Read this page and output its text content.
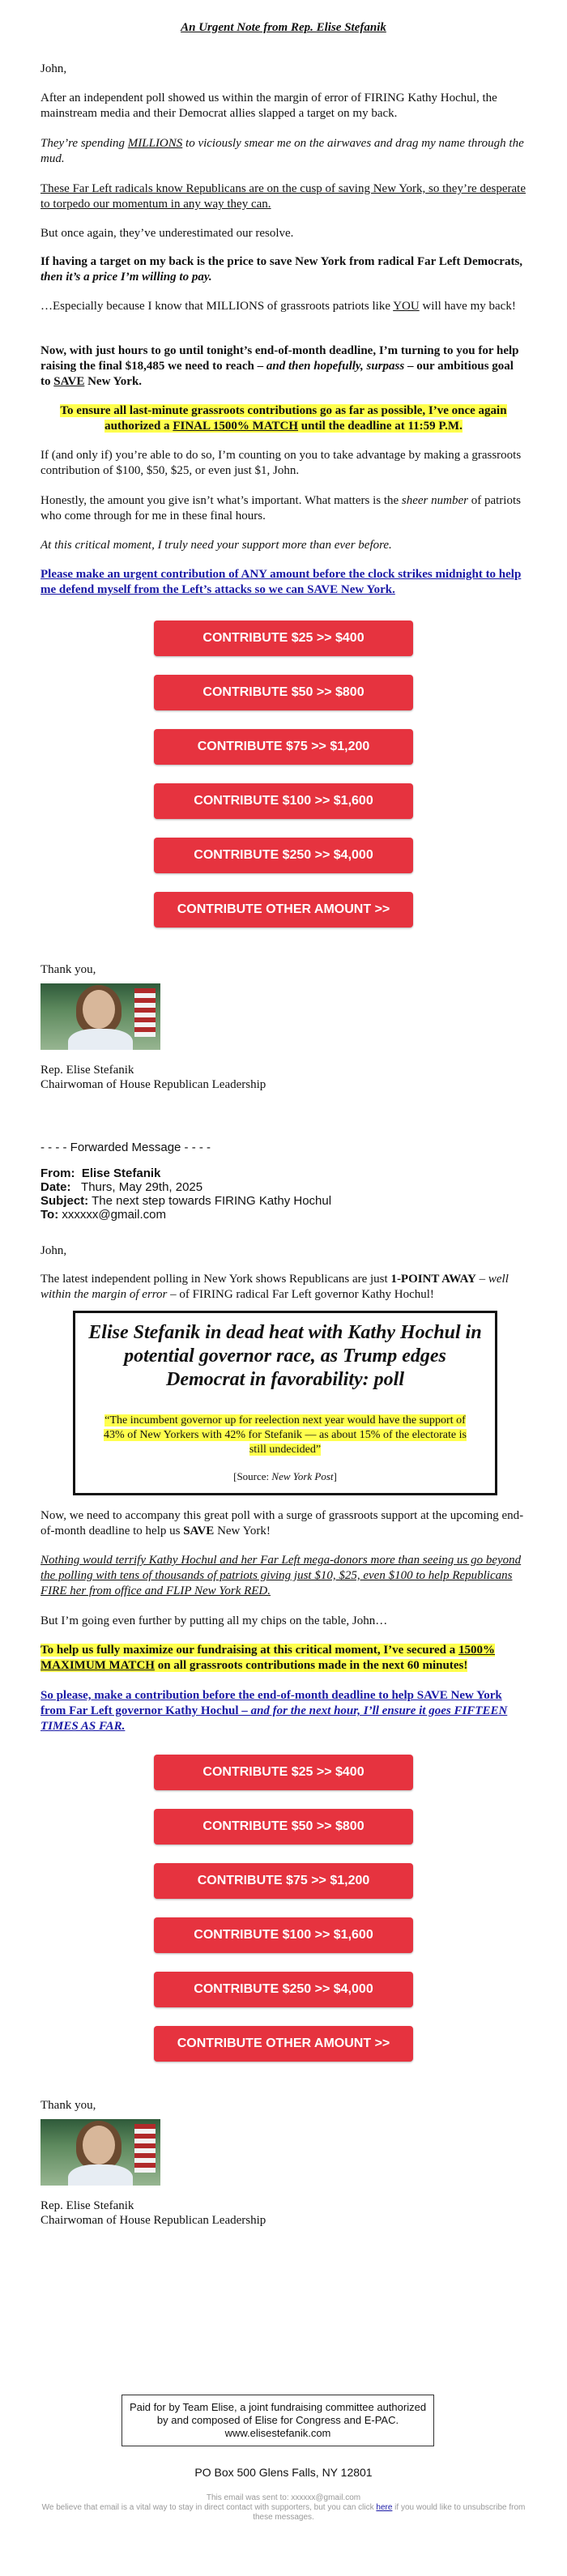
An Urgent Note from Rep. Elise Stefanik

John,

After an independent poll showed us within the margin of error of FIRING Kathy Hochul, the mainstream media and their Democrat allies slapped a target on my back.

They’re spending MILLIONS to viciously smear me on the airwaves and drag my name through the mud.

These Far Left radicals know Republicans are on the cusp of saving New York, so they’re desperate to torpedo our momentum in any way they can.

But once again, they’ve underestimated our resolve.

If having a target on my back is the price to save New York from radical Far Left Democrats, then it’s a price I’m willing to pay.

…Especially because I know that MILLIONS of grassroots patriots like YOU will have my back!

Now, with just hours to go until tonight’s end-of-month deadline, I’m turning to you for help raising the final $18,485 we need to reach – and then hopefully, surpass – our ambitious goal to SAVE New York.

To ensure all last-minute grassroots contributions go as far as possible, I’ve once again authorized a FINAL 1500% MATCH until the deadline at 11:59 P.M.

If (and only if) you’re able to do so, I’m counting on you to take advantage by making a grassroots contribution of $100, $50, $25, or even just $1, John.

Honestly, the amount you give isn’t what’s important. What matters is the sheer number of patriots who come through for me in these final hours.

At this critical moment, I truly need your support more than ever before.

Please make an urgent contribution of ANY amount before the clock strikes midnight to help me defend myself from the Left’s attacks so we can SAVE New York.

CONTRIBUTE $25 >> $400
CONTRIBUTE $50 >> $800
CONTRIBUTE $75 >> $1,200
CONTRIBUTE $100 >> $1,600
CONTRIBUTE $250 >> $4,000
CONTRIBUTE OTHER AMOUNT >>

Thank you,

Rep. Elise Stefanik

Chairwoman of House Republican Leadership

- - - - Forwarded Message - - - -

From: Elise Stefanik

Date: Thurs, May 29th, 2025

Subject: The next step towards FIRING Kathy Hochul

To: xxxxxx@gmail.com

John,

The latest independent polling in New York shows Republicans are just 1-POINT AWAY – well within the margin of error – of FIRING radical Far Left governor Kathy Hochul!

Elise Stefanik in dead heat with Kathy Hochul in potential governor race, as Trump edges Democrat in favorability: poll
“The incumbent governor up for reelection next year would have the support of 43% of New Yorkers with 42% for Stefanik — as about 15% of the electorate is still undecided”
[Source: New York Post]

Now, we need to accompany this great poll with a surge of grassroots support at the upcoming end-of-month deadline to help us SAVE New York!

Nothing would terrify Kathy Hochul and her Far Left mega-donors more than seeing us go beyond the polling with tens of thousands of patriots giving just $10, $25, even $100 to help Republicans FIRE her from office and FLIP New York RED.

But I’m going even further by putting all my chips on the table, John…

To help us fully maximize our fundraising at this critical moment, I’ve secured a 1500% MAXIMUM MATCH on all grassroots contributions made in the next 60 minutes!

So please, make a contribution before the end-of-month deadline to help SAVE New York from Far Left governor Kathy Hochul – and for the next hour, I’ll ensure it goes FIFTEEN TIMES AS FAR.

CONTRIBUTE $25 >> $400
CONTRIBUTE $50 >> $800
CONTRIBUTE $75 >> $1,200
CONTRIBUTE $100 >> $1,600
CONTRIBUTE $250 >> $4,000
CONTRIBUTE OTHER AMOUNT >>

Thank you,

Rep. Elise Stefanik

Chairwoman of House Republican Leadership

Paid for by Team Elise, a joint fundraising committee authorized by and composed of Elise for Congress and E-PAC. www.elisestefanik.com
PO Box 500 Glens Falls, NY 12801
This email was sent to: xxxxxx@gmail.com
We believe that email is a vital way to stay in direct contact with supporters, but you can click here if you would like to unsubscribe from these messages.
